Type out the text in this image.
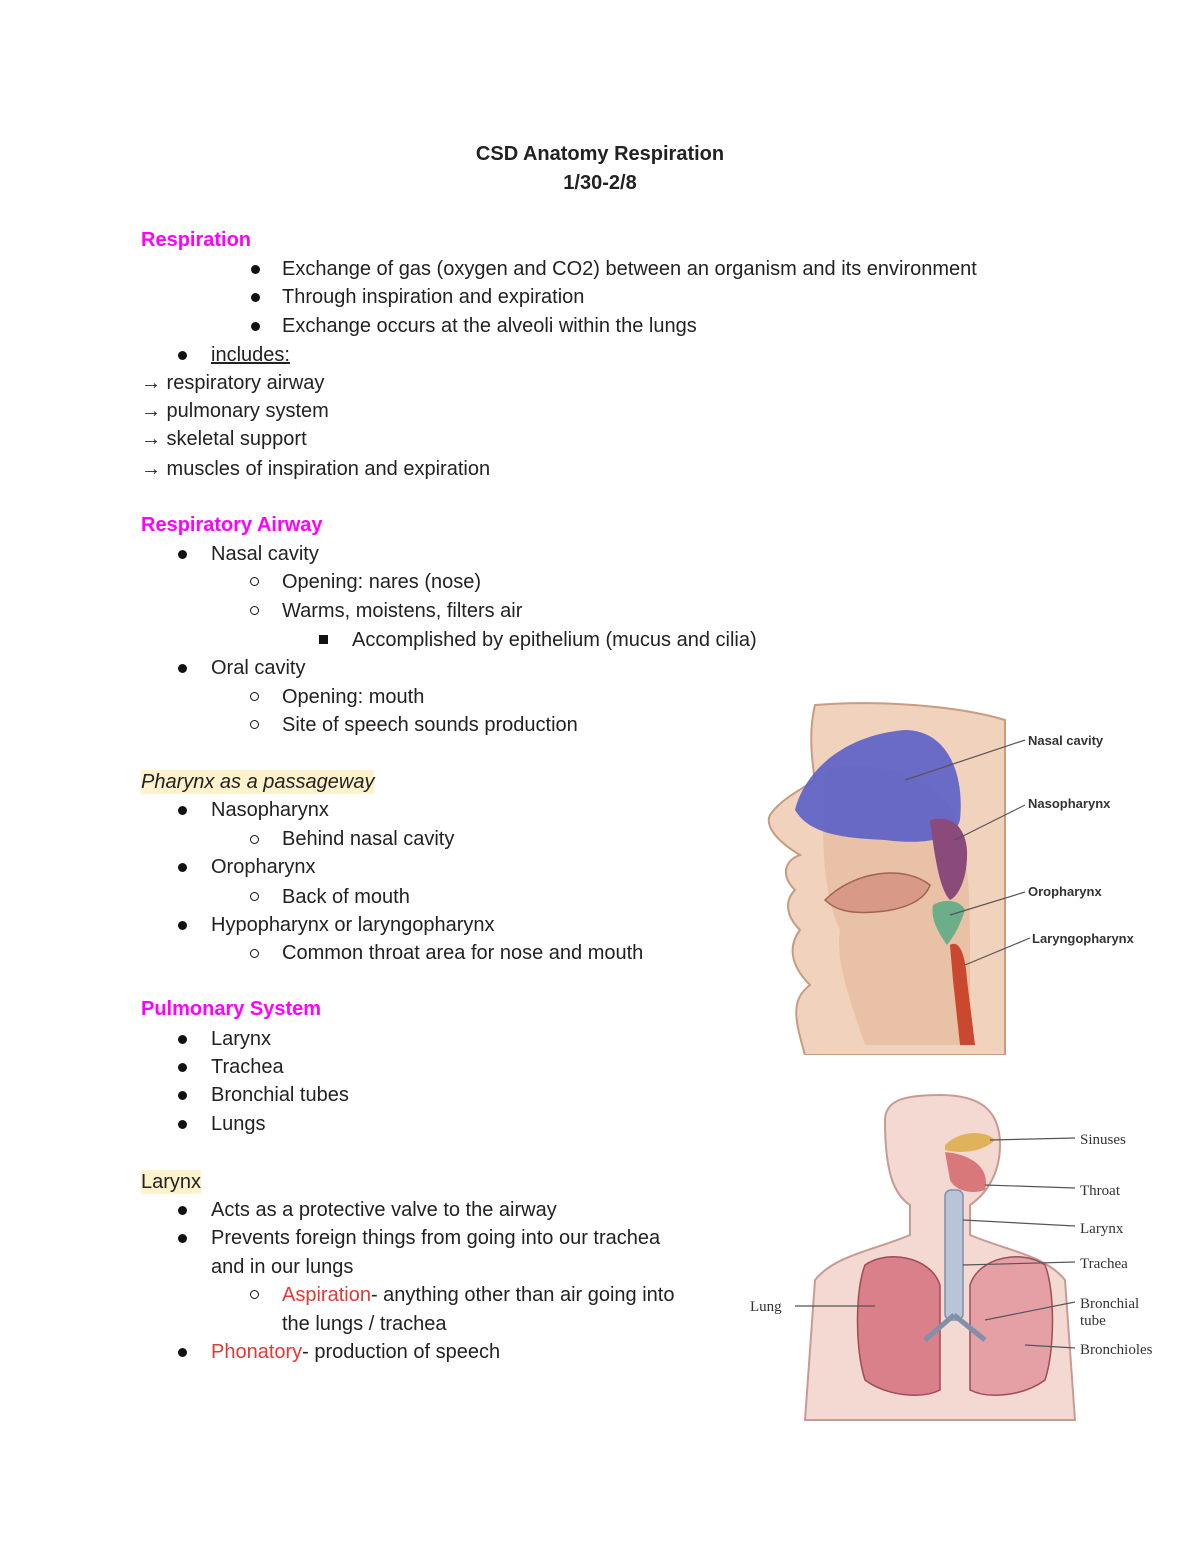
CSD Anatomy Respiration
1/30-2/8
Respiration
Exchange of gas (oxygen and CO2) between an organism and its environment
Through inspiration and expiration
Exchange occurs at the alveoli within the lungs
includes:
→ respiratory airway
→ pulmonary system
→ skeletal support
→ muscles of inspiration and expiration
Respiratory Airway
Nasal cavity
Opening: nares (nose)
Warms, moistens, filters air
Accomplished by epithelium (mucus and cilia)
Oral cavity
Opening: mouth
Site of speech sounds production
Pharynx as a passageway
Nasopharynx
Behind nasal cavity
Oropharynx
Back of mouth
Hypopharynx or laryngopharynx
Common throat area for nose and mouth
Pulmonary System
Larynx
Trachea
Bronchial tubes
Lungs
Larynx
Acts as a protective valve to the airway
Prevents foreign things from going into our trachea
and in our lungs
Aspiration- anything other than air going into
the lungs / trachea
Phonatory- production of speech
Nasal cavity
Nasopharynx
Oropharynx
Laryngopharynx
Sinuses
Throat
Larynx
Trachea
Bronchial
tube
Bronchioles
Lung
